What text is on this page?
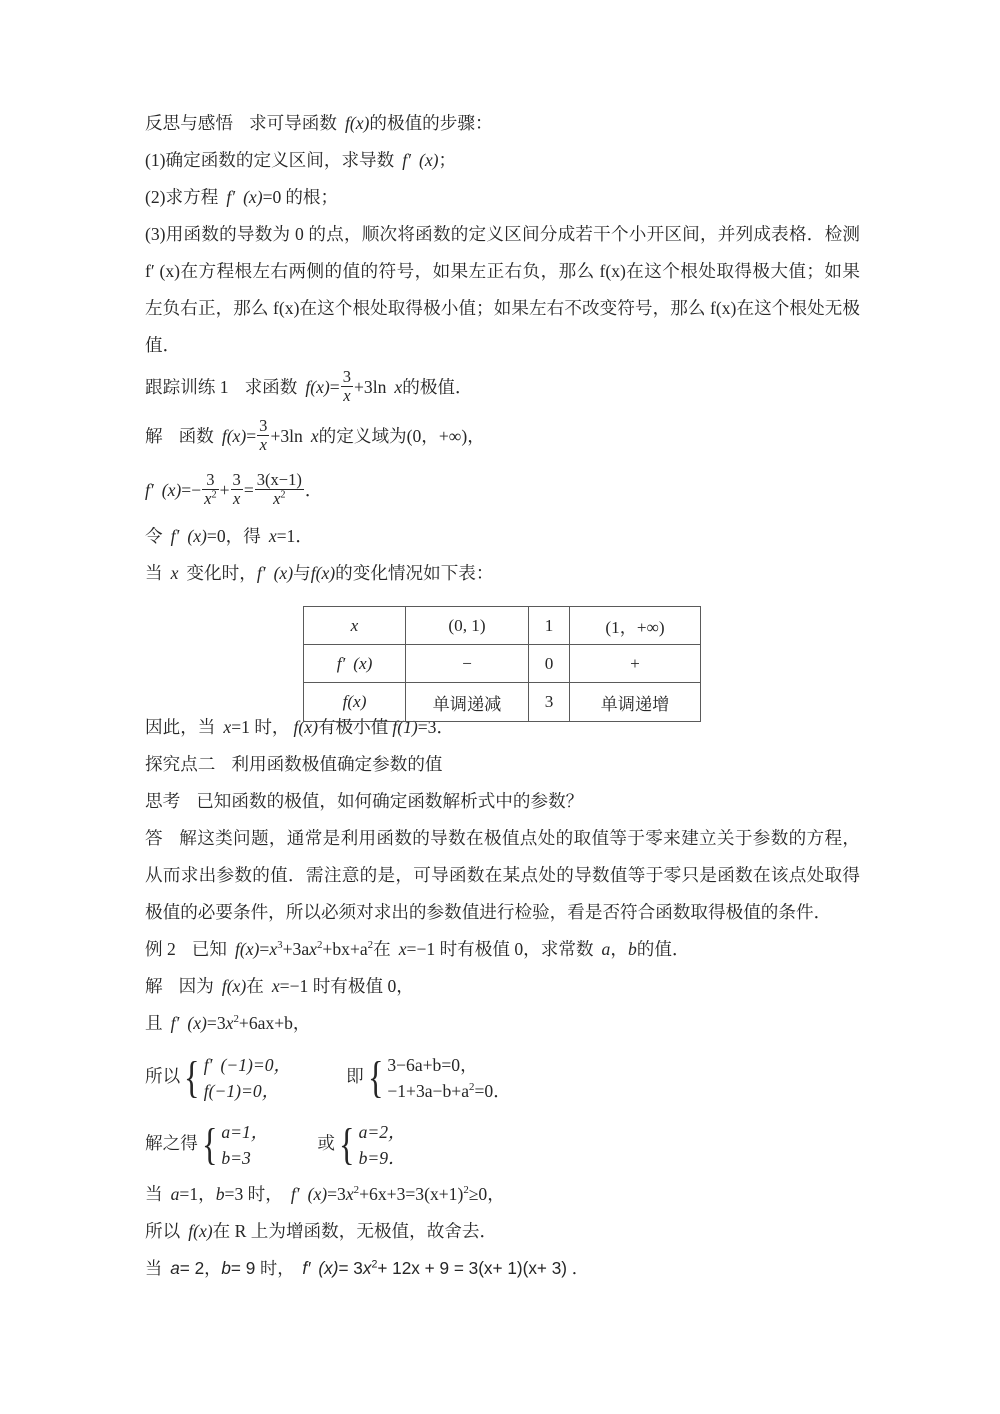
反思与感悟 求可导函数 f(x)的极值的步骤：
(1)确定函数的定义区间，求导数 f′ (x)；
(2)求方程 f′ (x)=0 的根；
(3)用函数的导数为 0 的点，顺次将函数的定义区间分成若干个小开区间，并列成表格．检测 f′ (x)在方程根左右两侧的值的符号，如果左正右负，那么 f(x)在这个根处取得极大值；如果左负右正，那么 f(x)在这个根处取得极小值；如果左右不改变符号，那么 f(x)在这个根处无极值．
跟踪训练 1 求函数 $f(x)= \frac{3}{x} +3\ln$ x的极值．
解 函数 $f(x)= \frac{3}{x} +3\ln$ x的定义域为(0，+∞)，
f′ $(x)=- \frac{3}{x^2} + \frac{3}{x} = \frac{3(x-1)}{x^2}$ ．
令 f′ (x)=0，得 x=1．
当 x 变化时，f′ (x)与f(x)的变化情况如下表：
因此，当 x=1 时， f(x)有极小值 f(1)=3．
探究点二 利用函数极值确定参数的值
思考 已知函数的极值，如何确定函数解析式中的参数？
答 解这类问题，通常是利用函数的导数在极值点处的取值等于零来建立关于参数的方程，从而求出参数的值．需注意的是，可导函数在某点处的导数值等于零只是函数在该点处取得极值的必要条件，所以必须对求出的参数值进行检验，看是否符合函数取得极值的条件．
例 2 已知 $f(x)=x^3+3ax^2+bx+a^2$在 x=−1 时有极值 0，求常数 a，b的值．
解 因为 f(x)在 x=−1 时有极值 0，
且 f′ $(x)=3x^2+6ax+b$，
所以 { f′ (−1)=0，
f(−1)=0，
即 { 3−6a+b=0，
$-1+3a-b+a^2=0$．
解之得 { a=1，
b=3
或 { a=2，
b=9．
当 a=1，b=3 时， f′ $(x)=3x^2+6x+3=3(x+1)^2\ge 0$，
所以 f(x)在 R 上为增函数，无极值，故舍去．
当 a= 2，b= 9 时， f′ $(x)= 3x^2+ 12x + 9 = 3(x+ 1)(x+ 3)$ ．
x	(0, 1)	1	(1，+∞)
f′ (x)	−	0	+
f(x)	单调递减	3	单调递增
